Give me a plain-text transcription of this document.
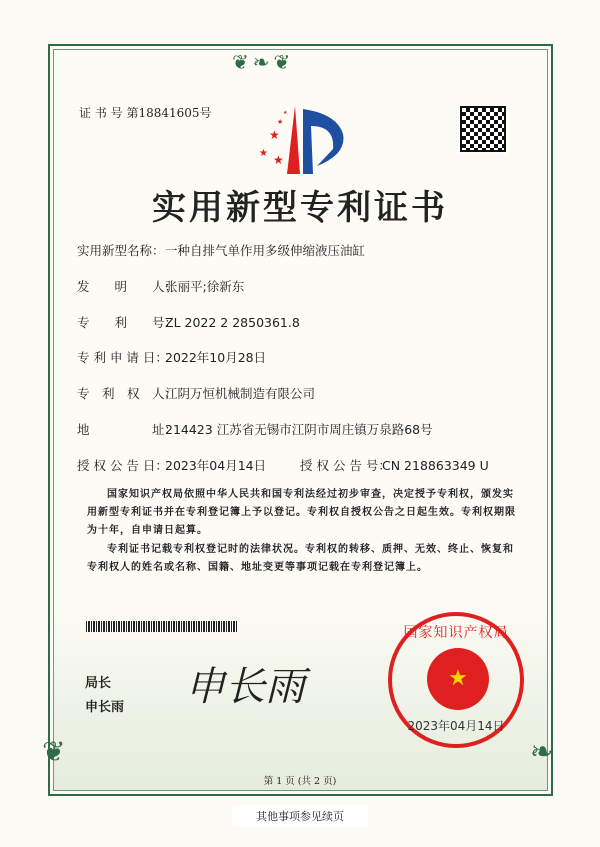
❦❧❦
❦	❧
证 书 号 第18841605号
★
★ ★
★
★
实用新型专利证书
实用新型名称：一种自排气单作用多级伸缩液压油缸
发　　明　　人：张丽平;徐新东
专　　利　　号：ZL 2022 2 2850361.8
专 利 申 请 日：2022年10月28日
专　利　权　人：江阴万恒机械制造有限公司
地　　　　　址：214423 江苏省无锡市江阴市周庄镇万泉路68号
授 权 公 告 日：2023年04月14日	授 权 公 告 号：CN 218863349 U
国家知识产权局依照中华人民共和国专利法经过初步审查，决定授予专利权，颁发实用新型专利证书并在专利登记簿上予以登记。专利权自授权公告之日起生效。专利权期限为十年，自申请日起算。
专利证书记载专利权登记时的法律状况。专利权的转移、质押、无效、终止、恢复和专利权人的姓名或名称、国籍、地址变更等事项记载在专利登记簿上。
局长
申长雨 申长雨	★
国家知识产权局
2023年04月14日
第 1 页 (共 2 页)
其他事项参见续页
